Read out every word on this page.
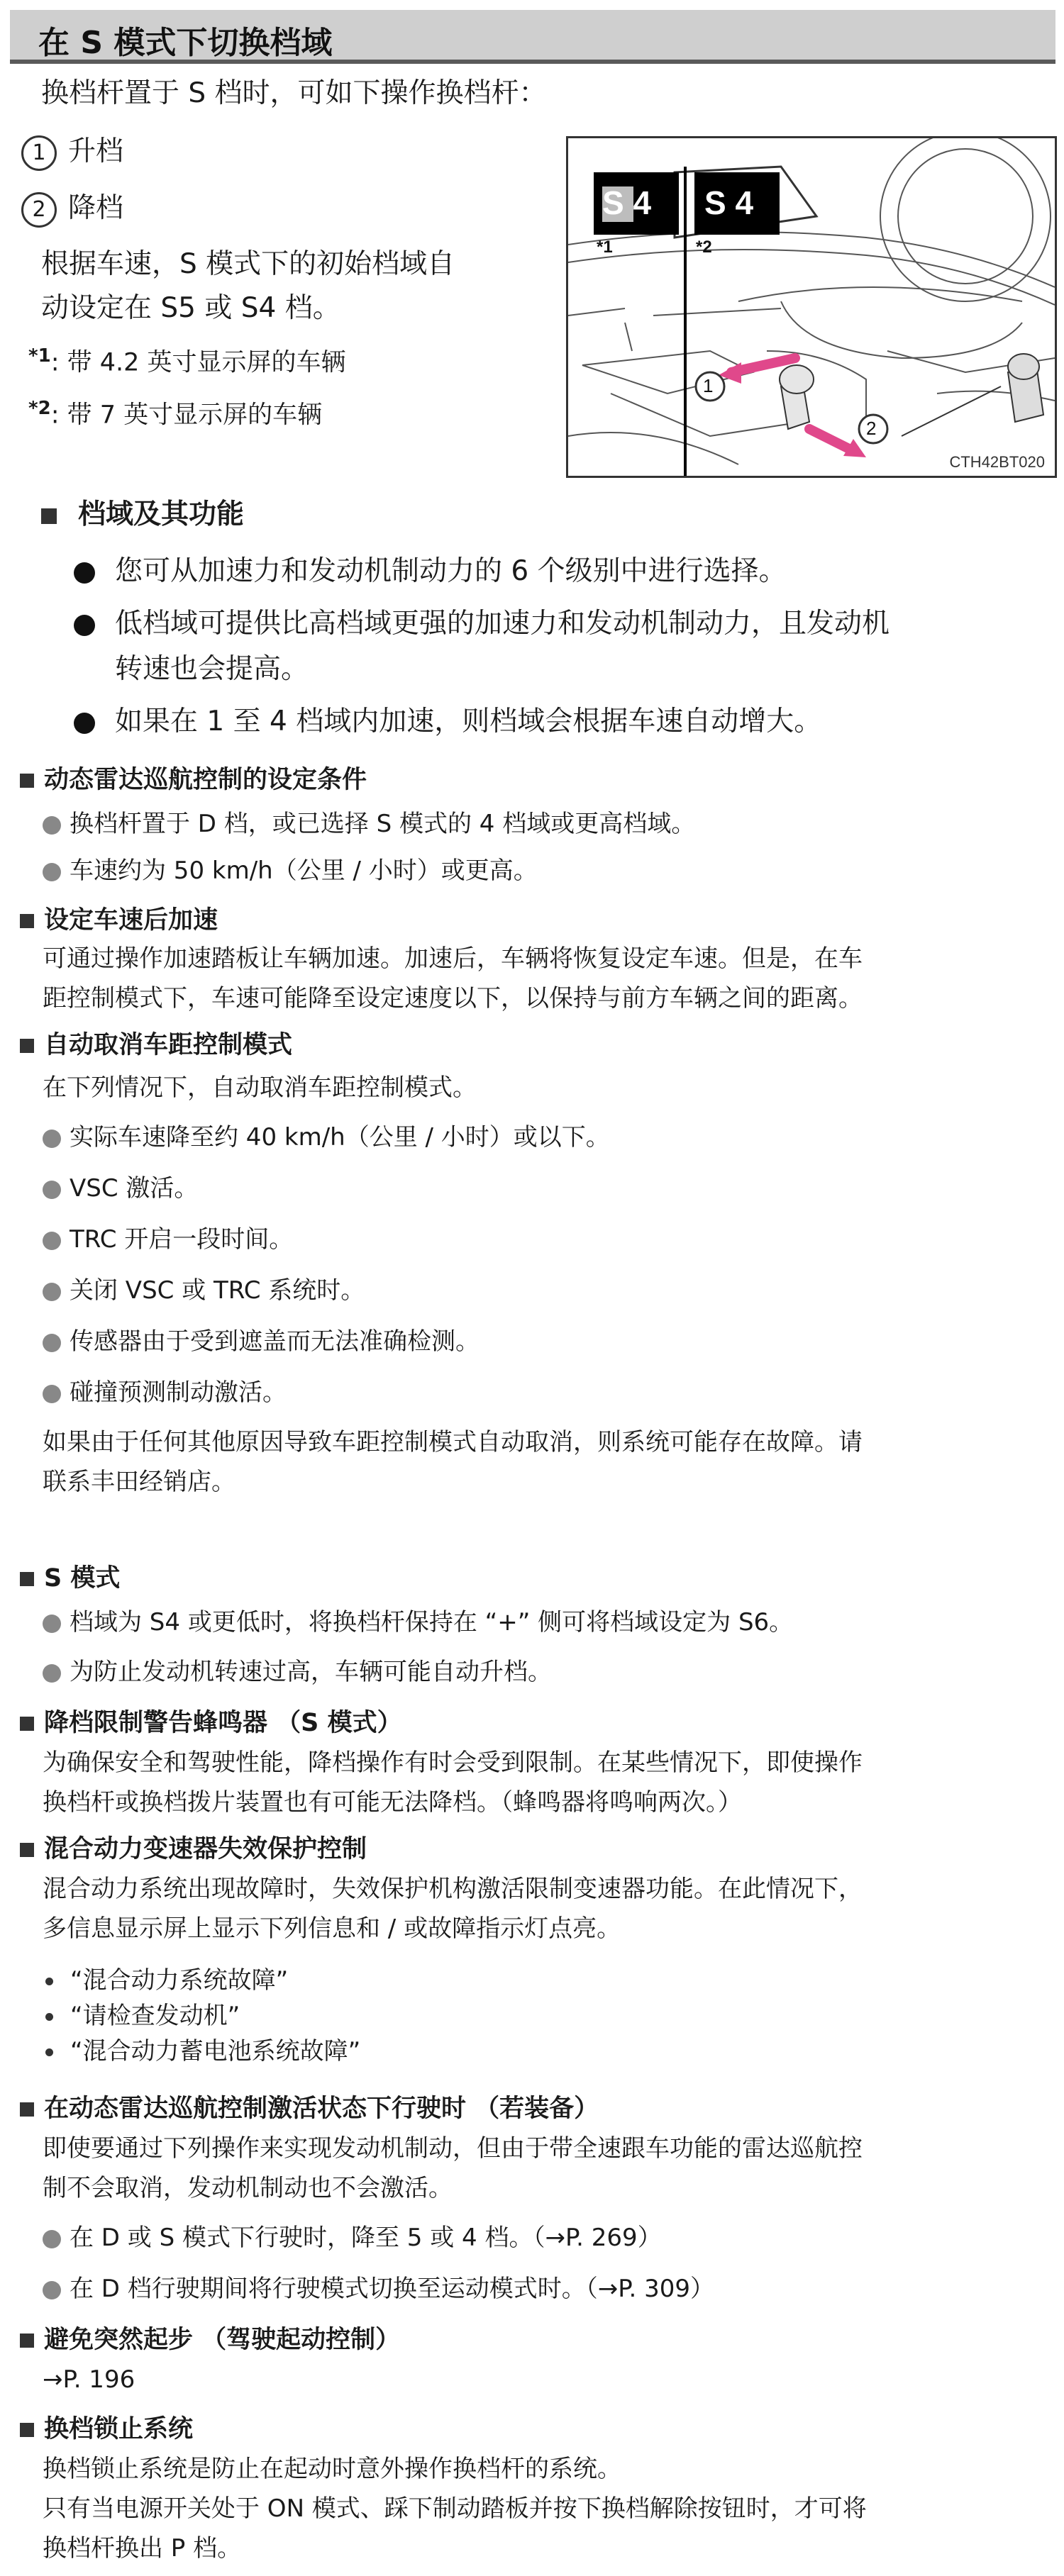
在 S 模式下切换档域
换档杆置于 S 档时，可如下操作换档杆：
1 升档
2 降档
根据车速，S 模式下的初始档域自
动设定在 S5 或 S4 档。
$^{*1}$: 带 4.2 英寸显示屏的车辆
$^{*2}$: 带 7 英寸显示屏的车辆
S 4 S 4
*1	*2
1
2
CTH42BT020
档域及其功能
您可从加速力和发动机制动力的 6 个级别中进行选择。
低档域可提供比高档域更强的加速力和发动机制动力，且发动机
转速也会提高。
如果在 1 至 4 档域内加速，则档域会根据车速自动增大。
动态雷达巡航控制的设定条件
换档杆置于 D 档，或已选择 S 模式的 4 档域或更高档域。
车速约为 50 km/h（公里 / 小时）或更高。
设定车速后加速
可通过操作加速踏板让车辆加速。加速后，车辆将恢复设定车速。但是，在车
距控制模式下，车速可能降至设定速度以下，以保持与前方车辆之间的距离。
自动取消车距控制模式
在下列情况下，自动取消车距控制模式。
实际车速降至约 40 km/h（公里 / 小时）或以下。
VSC 激活。
TRC 开启一段时间。
关闭 VSC 或 TRC 系统时。
传感器由于受到遮盖而无法准确检测。
碰撞预测制动激活。
如果由于任何其他原因导致车距控制模式自动取消，则系统可能存在故障。请
联系丰田经销店。
S 模式
档域为 S4 或更低时，将换档杆保持在 “+” 侧可将档域设定为 S6。
为防止发动机转速过高，车辆可能自动升档。
降档限制警告蜂鸣器 （S 模式）
为确保安全和驾驶性能，降档操作有时会受到限制。在某些情况下，即使操作
换档杆或换档拨片装置也有可能无法降档。（蜂鸣器将鸣响两次。）
混合动力变速器失效保护控制
混合动力系统出现故障时，失效保护机构激活限制变速器功能。在此情况下，
多信息显示屏上显示下列信息和 / 或故障指示灯点亮。
“混合动力系统故障”
“请检查发动机”
“混合动力蓄电池系统故障”
在动态雷达巡航控制激活状态下行驶时 （若装备）
即使要通过下列操作来实现发动机制动，但由于带全速跟车功能的雷达巡航控
制不会取消，发动机制动也不会激活。
在 D 或 S 模式下行驶时，降至 5 或 4 档。（→P. 269）
在 D 档行驶期间将行驶模式切换至运动模式时。（→P. 309）
避免突然起步 （驾驶起动控制）
→P. 196
换档锁止系统
换档锁止系统是防止在起动时意外操作换档杆的系统。
只有当电源开关处于 ON 模式、踩下制动踏板并按下换档解除按钮时，才可将
换档杆换出 P 档。
